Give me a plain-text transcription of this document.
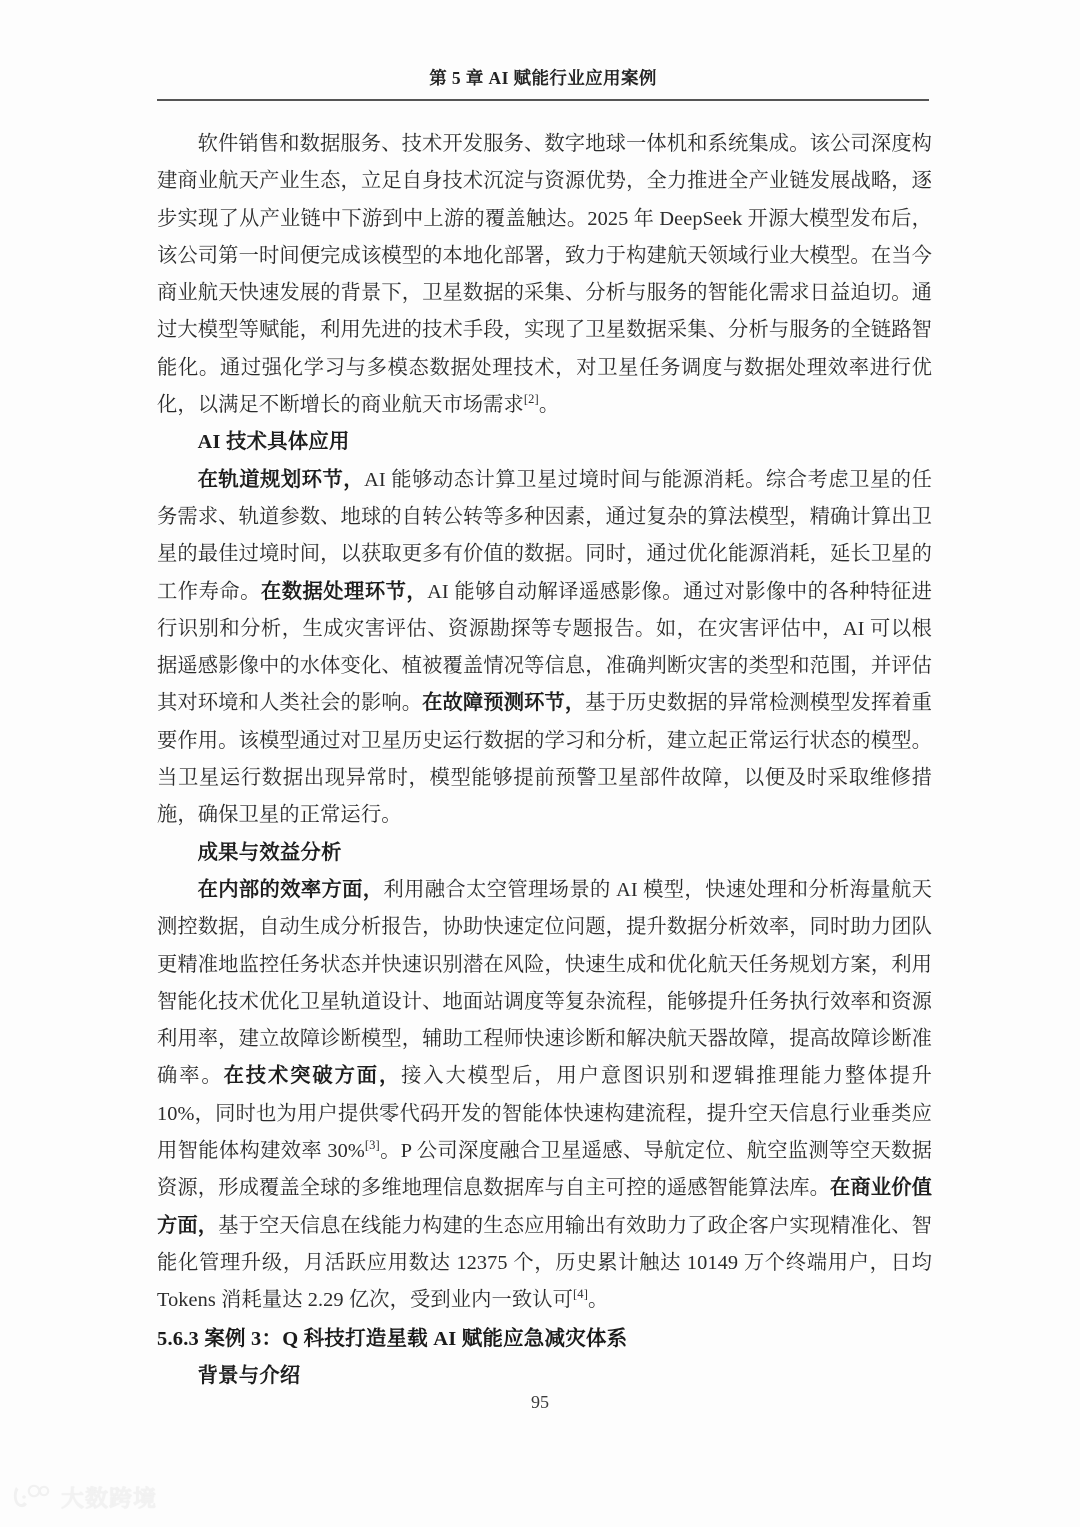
第 5 章 AI 赋能行业应用案例

软件销售和数据服务、技术开发服务、数字地球一体机和系统集成。该公司深度构建商业航天产业生态，立足自身技术沉淀与资源优势，全力推进全产业链发展战略，逐步实现了从产业链中下游到中上游的覆盖触达。2025 年 DeepSeek 开源大模型发布后，该公司第一时间便完成该模型的本地化部署，致力于构建航天领域行业大模型。在当今商业航天快速发展的背景下，卫星数据的采集、分析与服务的智能化需求日益迫切。通过大模型等赋能，利用先进的技术手段，实现了卫星数据采集、分析与服务的全链路智能化。通过强化学习与多模态数据处理技术，对卫星任务调度与数据处理效率进行优化，以满足不断增长的商业航天市场需求[2]。

AI 技术具体应用

在轨道规划环节，AI 能够动态计算卫星过境时间与能源消耗。综合考虑卫星的任务需求、轨道参数、地球的自转公转等多种因素，通过复杂的算法模型，精确计算出卫星的最佳过境时间，以获取更多有价值的数据。同时，通过优化能源消耗，延长卫星的工作寿命。在数据处理环节，AI 能够自动解译遥感影像。通过对影像中的各种特征进行识别和分析，生成灾害评估、资源勘探等专题报告。如，在灾害评估中，AI 可以根据遥感影像中的水体变化、植被覆盖情况等信息，准确判断灾害的类型和范围，并评估其对环境和人类社会的影响。在故障预测环节，基于历史数据的异常检测模型发挥着重要作用。该模型通过对卫星历史运行数据的学习和分析，建立起正常运行状态的模型。当卫星运行数据出现异常时，模型能够提前预警卫星部件故障，以便及时采取维修措施，确保卫星的正常运行。

成果与效益分析

在内部的效率方面，利用融合太空管理场景的 AI 模型，快速处理和分析海量航天测控数据，自动生成分析报告，协助快速定位问题，提升数据分析效率，同时助力团队更精准地监控任务状态并快速识别潜在风险，快速生成和优化航天任务规划方案，利用智能化技术优化卫星轨道设计、地面站调度等复杂流程，能够提升任务执行效率和资源利用率，建立故障诊断模型，辅助工程师快速诊断和解决航天器故障，提高故障诊断准确率。在技术突破方面，接入大模型后，用户意图识别和逻辑推理能力整体提升 10%，同时也为用户提供零代码开发的智能体快速构建流程，提升空天信息行业垂类应用智能体构建效率 30%[3]。P 公司深度融合卫星遥感、导航定位、航空监测等空天数据资源，形成覆盖全球的多维地理信息数据库与自主可控的遥感智能算法库。在商业价值方面，基于空天信息在线能力构建的生态应用输出有效助力了政企客户实现精准化、智能化管理升级，月活跃应用数达 12375 个，历史累计触达 10149 万个终端用户，日均 Tokens 消耗量达 2.29 亿次，受到业内一致认可[4]。

5.6.3 案例 3：Q 科技打造星载 AI 赋能应急减灾体系
背景与介绍
95
大数跨境
